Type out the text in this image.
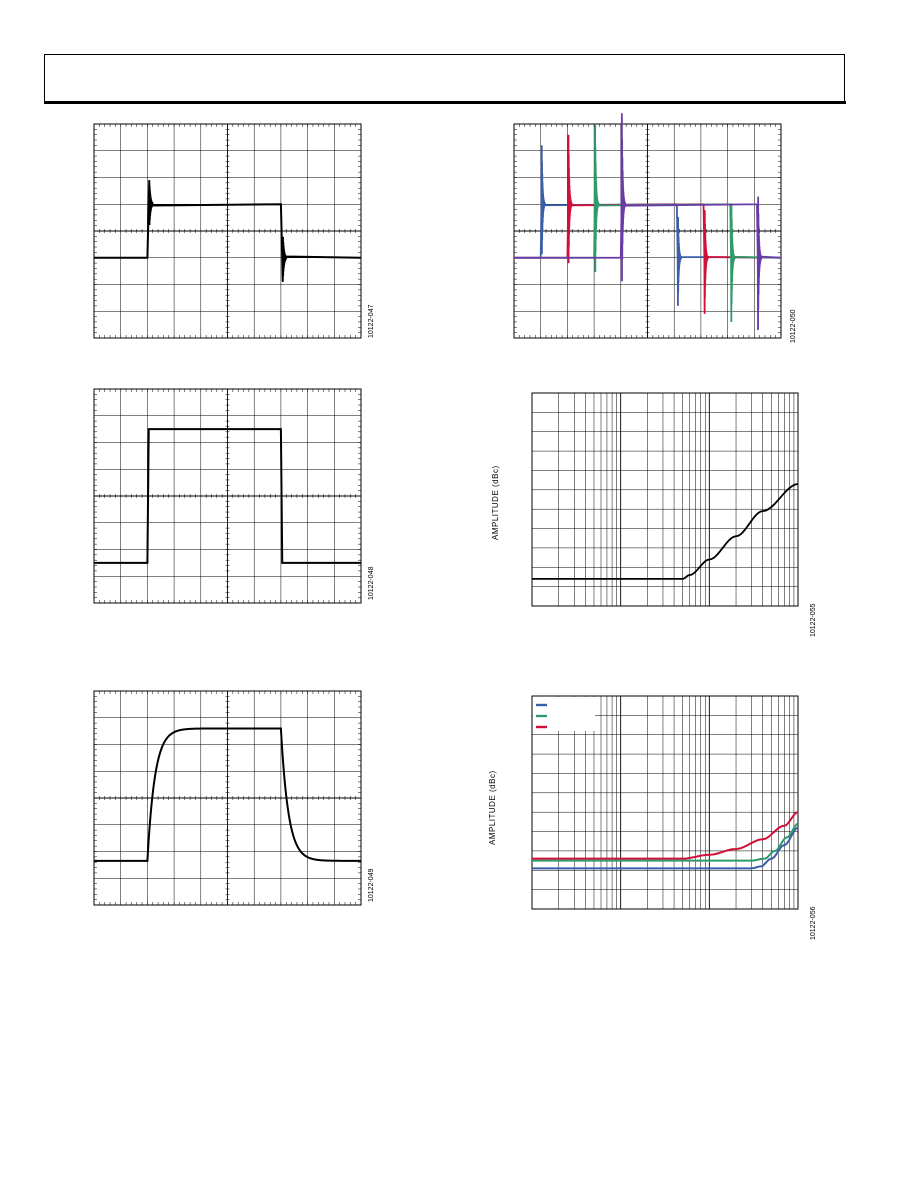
10122-047
10122-048
10122-049
10122-050
AMPLITUDE (dBc)
10122-055
AMPLITUDE (dBc)
10122-056
